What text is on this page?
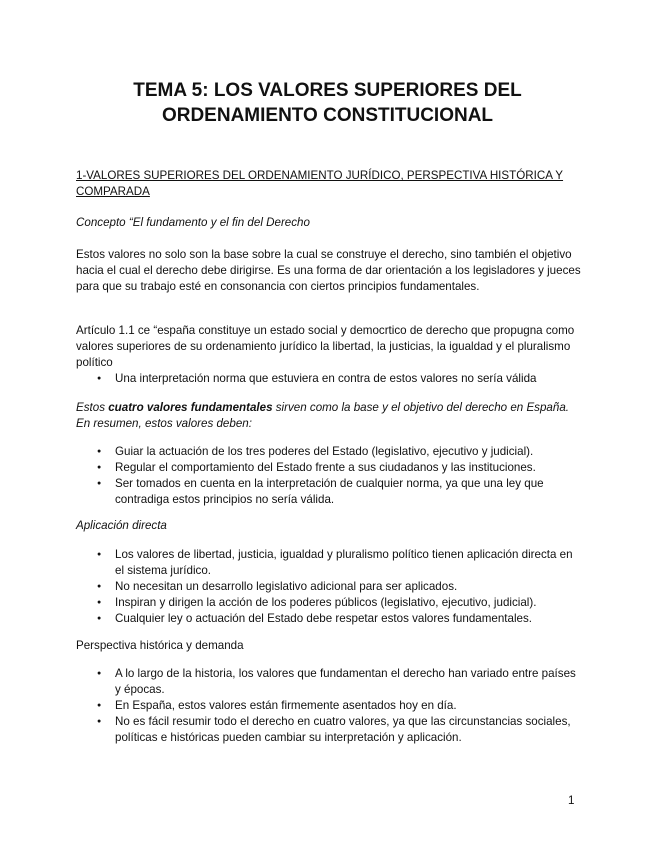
TEMA 5: LOS VALORES SUPERIORES DEL
ORDENAMIENTO CONSTITUCIONAL

1-VALORES SUPERIORES DEL ORDENAMIENTO JURÍDICO, PERSPECTIVA HISTÓRICA Y COMPARADA

Concepto “El fundamento y el fin del Derecho

Estos valores no solo son la base sobre la cual se construye el derecho, sino también el objetivo hacia el cual el derecho debe dirigirse. Es una forma de dar orientación a los legisladores y jueces para que su trabajo esté en consonancia con ciertos principios fundamentales.

Artículo 1.1 ce “españa constituye un estado social y democrtico de derecho que propugna como valores superiores de su ordenamiento jurídico la libertad, la justicias, la igualdad y el pluralismo político

● Una interpretación norma que estuviera en contra de estos valores no sería válida

Estos cuatro valores fundamentales sirven como la base y el objetivo del derecho en España. En resumen, estos valores deben:

● Guiar la actuación de los tres poderes del Estado (legislativo, ejecutivo y judicial).
● Regular el comportamiento del Estado frente a sus ciudadanos y las instituciones.
● Ser tomados en cuenta en la interpretación de cualquier norma, ya que una ley que contradiga estos principios no sería válida.

Aplicación directa

● Los valores de libertad, justicia, igualdad y pluralismo político tienen aplicación directa en el sistema jurídico.
● No necesitan un desarrollo legislativo adicional para ser aplicados.
● Inspiran y dirigen la acción de los poderes públicos (legislativo, ejecutivo, judicial).
● Cualquier ley o actuación del Estado debe respetar estos valores fundamentales.

Perspectiva histórica y demanda

● A lo largo de la historia, los valores que fundamentan el derecho han variado entre países y épocas.
● En España, estos valores están firmemente asentados hoy en día.
● No es fácil resumir todo el derecho en cuatro valores, ya que las circunstancias sociales, políticas e históricas pueden cambiar su interpretación y aplicación.
1
